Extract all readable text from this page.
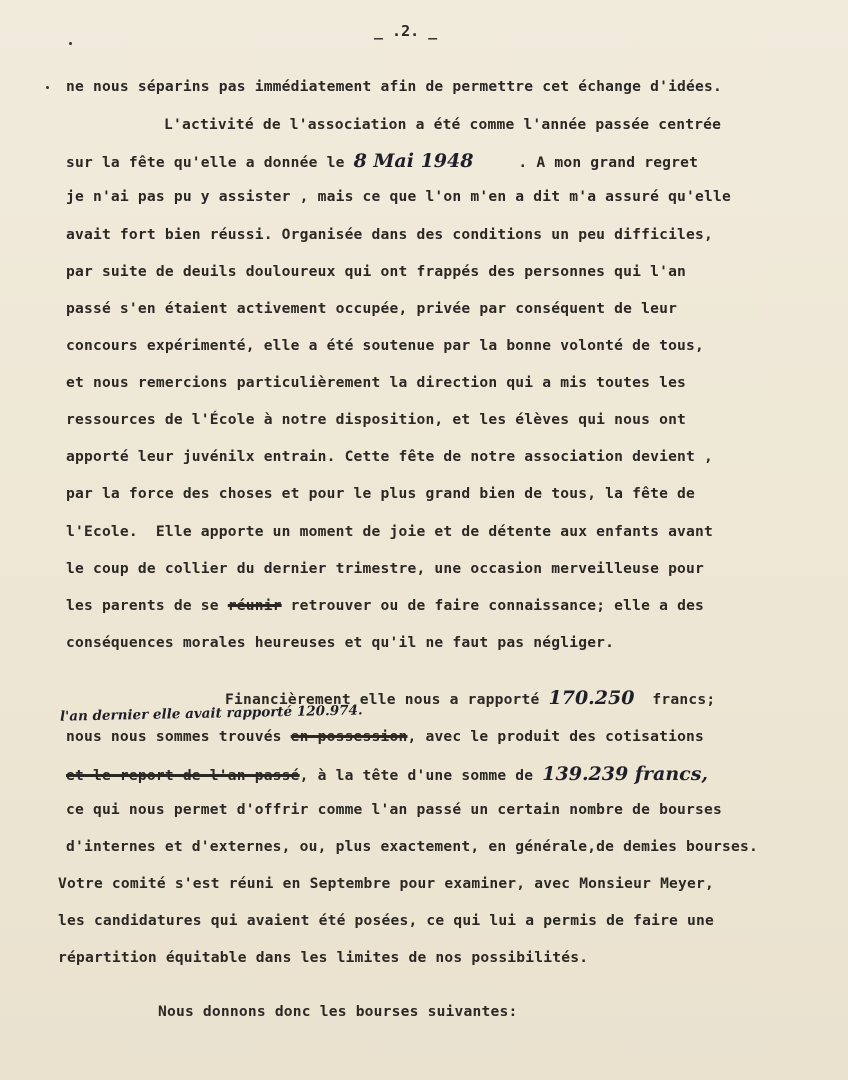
_ .2. _
ne nous séparins pas immédiatement afin de permettre cet échange d'idées.
L'activité de l'association a été comme l'année passée centrée
sur la fête qu'elle a donnée le 8 Mai 1948     . A mon grand regret
je n'ai pas pu y assister , mais ce que l'on m'en a dit m'a assuré qu'elle
avait fort bien réussi. Organisée dans des conditions un peu difficiles,
par suite de deuils douloureux qui ont frappés des personnes qui l'an
passé s'en étaient activement occupée, privée par conséquent de leur
concours expérimenté, elle a été soutenue par la bonne volonté de tous,
et nous remercions particulièrement la direction qui a mis toutes les
ressources de l'École à notre disposition, et les élèves qui nous ont
apporté leur juvénilx entrain. Cette fête de notre association devient ,
par la force des choses et pour le plus grand bien de tous, la fête de
l'Ecole.  Elle apporte un moment de joie et de détente aux enfants avant
le coup de collier du dernier trimestre, une occasion merveilleuse pour
les parents de se réunir retrouver ou de faire connaissance; elle a des
conséquences morales heureuses et qu'il ne faut pas négliger.
Financièrement elle nous a rapporté 170.250  francs;
l'an dernier elle avait rapporté 120.974.
nous nous sommes trouvés en possession, avec le produit des cotisations
et le report de l'an passé, à la tête d'une somme de 139.239 francs,
ce qui nous permet d'offrir comme l'an passé un certain nombre de bourses
d'internes et d'externes, ou, plus exactement, en générale,de demies bourses.
Votre comité s'est réuni en Septembre pour examiner, avec Monsieur Meyer,
les candidatures qui avaient été posées, ce qui lui a permis de faire une
répartition équitable dans les limites de nos possibilités.
Nous donnons donc les bourses suivantes:
